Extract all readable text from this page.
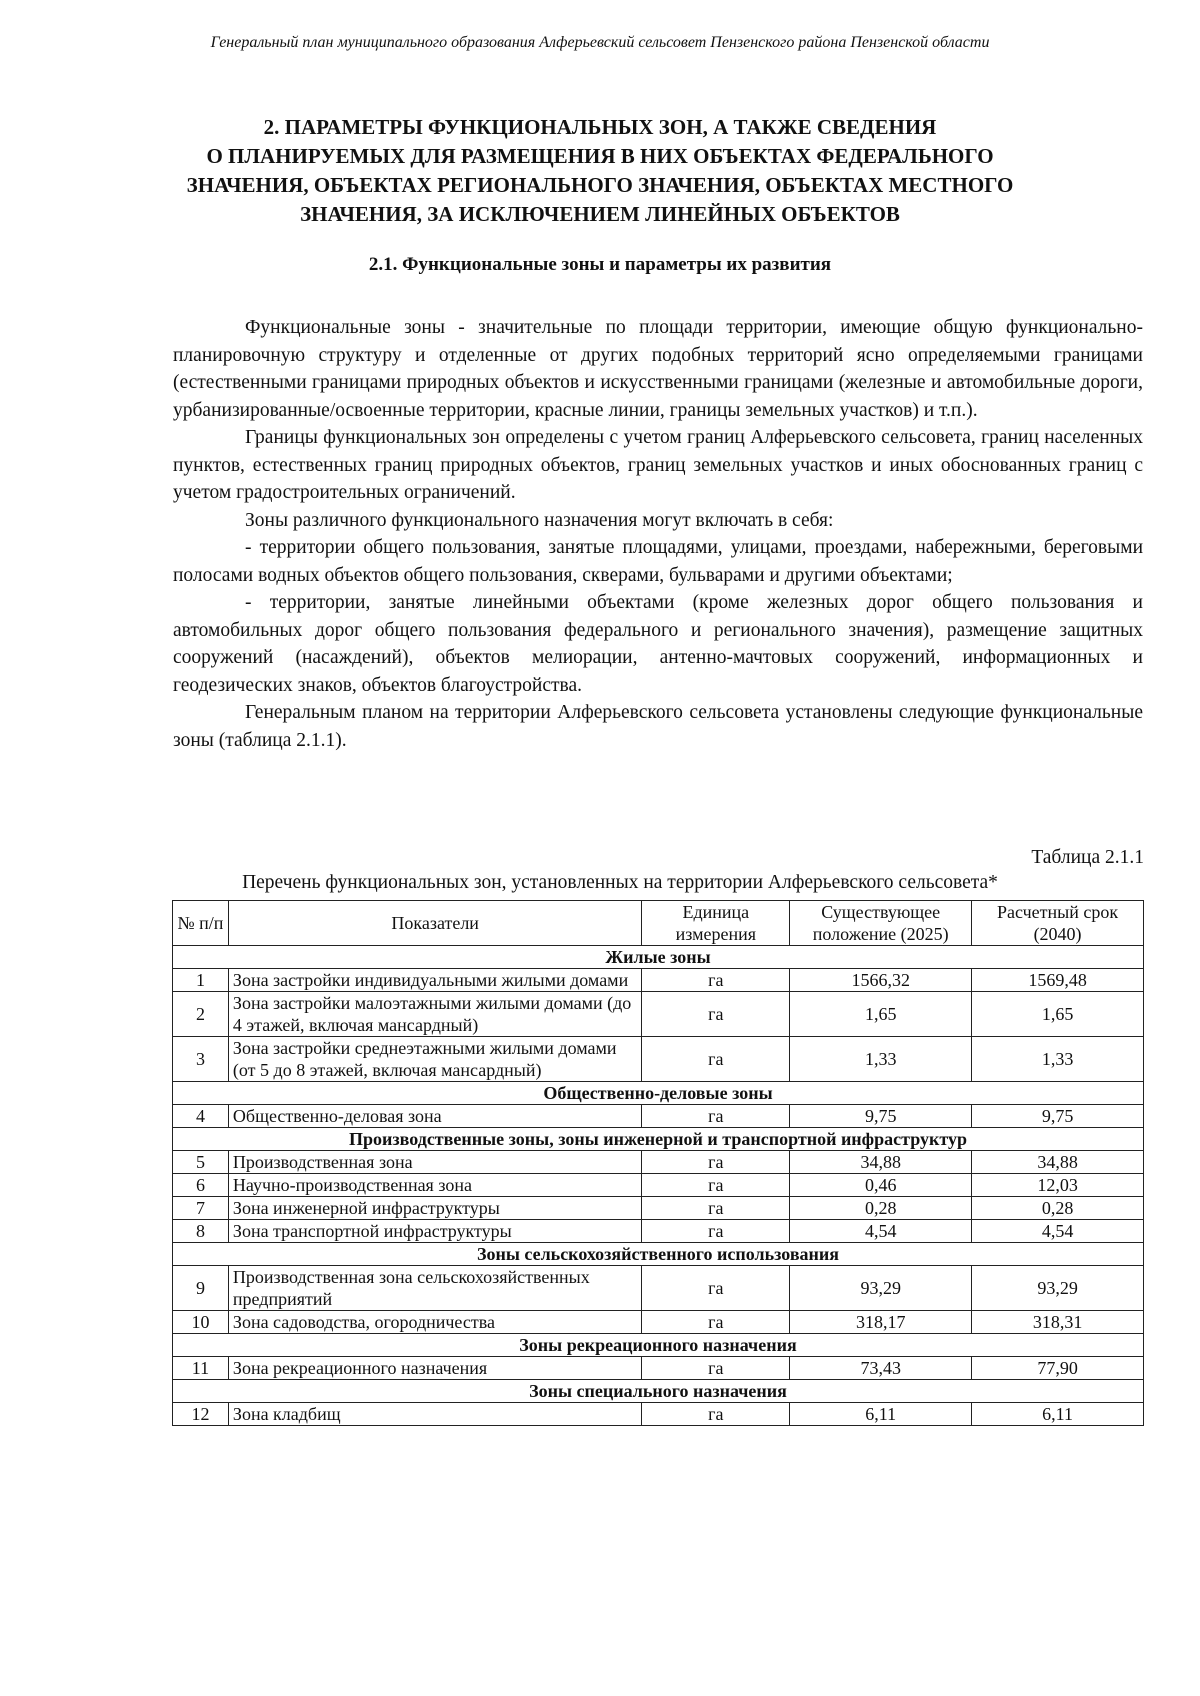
Генеральный план муниципального образования Алферьевский сельсовет Пензенского района Пензенской области
2. ПАРАМЕТРЫ ФУНКЦИОНАЛЬНЫХ ЗОН, А ТАКЖЕ СВЕДЕНИЯ
О ПЛАНИРУЕМЫХ ДЛЯ РАЗМЕЩЕНИЯ В НИХ ОБЪЕКТАХ ФЕДЕРАЛЬНОГО
ЗНАЧЕНИЯ, ОБЪЕКТАХ РЕГИОНАЛЬНОГО ЗНАЧЕНИЯ, ОБЪЕКТАХ МЕСТНОГО
ЗНАЧЕНИЯ, ЗА ИСКЛЮЧЕНИЕМ ЛИНЕЙНЫХ ОБЪЕКТОВ
2.1. Функциональные зоны и параметры их развития

Функциональные зоны - значительные по площади территории, имеющие общую функционально-планировочную структуру и отделенные от других подобных территорий ясно определяемыми границами (естественными границами природных объектов и искусственными границами (железные и автомобильные дороги, урбанизированные/освоенные территории, красные линии, границы земельных участков) и т.п.).

Границы функциональных зон определены с учетом границ Алферьевского сельсовета, границ населенных пунктов, естественных границ природных объектов, границ земельных участков и иных обоснованных границ с учетом градостроительных ограничений.

Зоны различного функционального назначения могут включать в себя:

- территории общего пользования, занятые площадями, улицами, проездами, набережными, береговыми полосами водных объектов общего пользования, скверами, бульварами и другими объектами;

- территории, занятые линейными объектами (кроме железных дорог общего пользования и автомобильных дорог общего пользования федерального и регионального значения), размещение защитных сооружений (насаждений), объектов мелиорации, антенно-мачтовых сооружений, информационных и геодезических знаков, объектов благоустройства.

Генеральным планом на территории Алферьевского сельсовета установлены следующие функциональные зоны (таблица 2.1.1).

Таблица 2.1.1
Перечень функциональных зон, установленных на территории Алферьевского сельсовета*
№ п/п	Показатели	Единица измерения	Существующее положение (2025)	Расчетный срок (2040)
Жилые зоны				
1	Зона застройки индивидуальными жилыми домами	га	1566,32	1569,48
2	Зона застройки малоэтажными жилыми домами (до 4 этажей, включая мансардный)	га	1,65	1,65
3	Зона застройки среднеэтажными жилыми домами (от 5 до 8 этажей, включая мансардный)	га	1,33	1,33
Общественно-деловые зоны				
4	Общественно-деловая зона	га	9,75	9,75
Производственные зоны, зоны инженерной и транспортной инфраструктур				
5	Производственная зона	га	34,88	34,88
6	Научно-производственная зона	га	0,46	12,03
7	Зона инженерной инфраструктуры	га	0,28	0,28
8	Зона транспортной инфраструктуры	га	4,54	4,54
Зоны сельскохозяйственного использования				
9	Производственная зона сельскохозяйственных предприятий	га	93,29	93,29
10	Зона садоводства, огородничества	га	318,17	318,31
Зоны рекреационного назначения				
11	Зона рекреационного назначения	га	73,43	77,90
Зоны специального назначения				
12	Зона кладбищ	га	6,11	6,11
